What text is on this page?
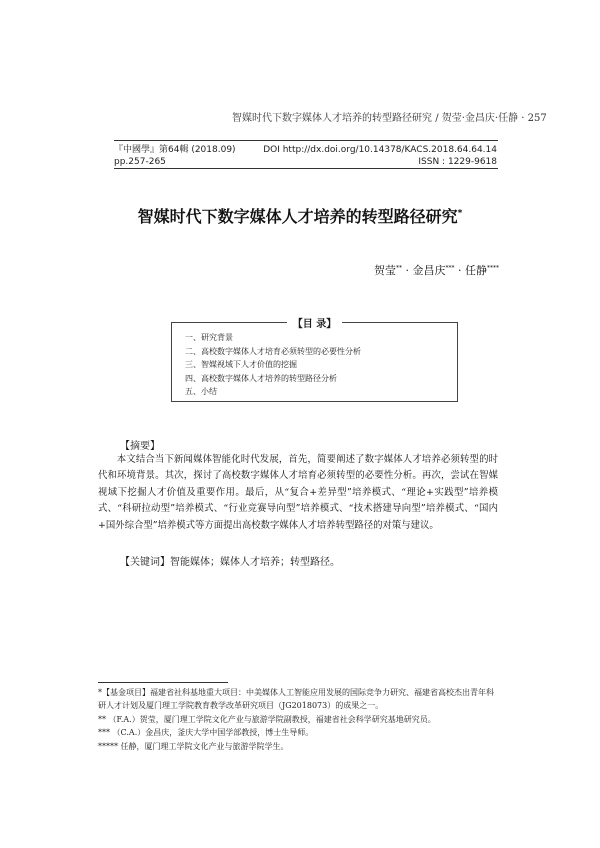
智媒时代下数字媒体人才培养的转型路径研究 / 贺莹·金昌庆·任静 · 257
『中國學』第64輯 (2018.09)
pp.257-265
DOI http://dx.doi.org/10.14378/KACS.2018.64.64.14
ISSN : 1229-9618
智媒时代下数字媒体人才培养的转型路径研究*
贺莹** · 金昌庆*** · 任静****
【目 录】
一、研究背景
二、高校数字媒体人才培育必须转型的必要性分析
三、智媒视域下人才价值的挖掘
四、高校数字媒体人才培养的转型路径分析
五、小结
【摘要】
本文结合当下新闻媒体智能化时代发展，首先，简要阐述了数字媒体人才培养必须转型的时代和环境背景。其次，探讨了高校数字媒体人才培育必须转型的必要性分析。再次，尝试在智媒视域下挖掘人才价值及重要作用。最后，从“复合+差异型”培养模式、“理论+实践型”培养模式、“科研拉动型”培养模式、“行业竞赛导向型”培养模式、“技术搭建导向型”培养模式、“国内+国外综合型”培养模式等方面提出高校数字媒体人才培养转型路径的对策与建议。
【关键词】智能媒体；媒体人才培养；转型路径。

*【基金项目】福建省社科基地重大项目：中美媒体人工智能应用发展的国际竞争力研究、福建省高校杰出青年科研人才计划及厦门理工学院教育教学改革研究项目（JG2018073）的成果之一。

** （F.A.）贺莹，厦门理工学院文化产业与旅游学院副教授，福建省社会科学研究基地研究员。

*** （C.A.）金昌庆，釜庆大学中国学部教授，博士生导师。

***** 任静，厦门理工学院文化产业与旅游学院学生。
